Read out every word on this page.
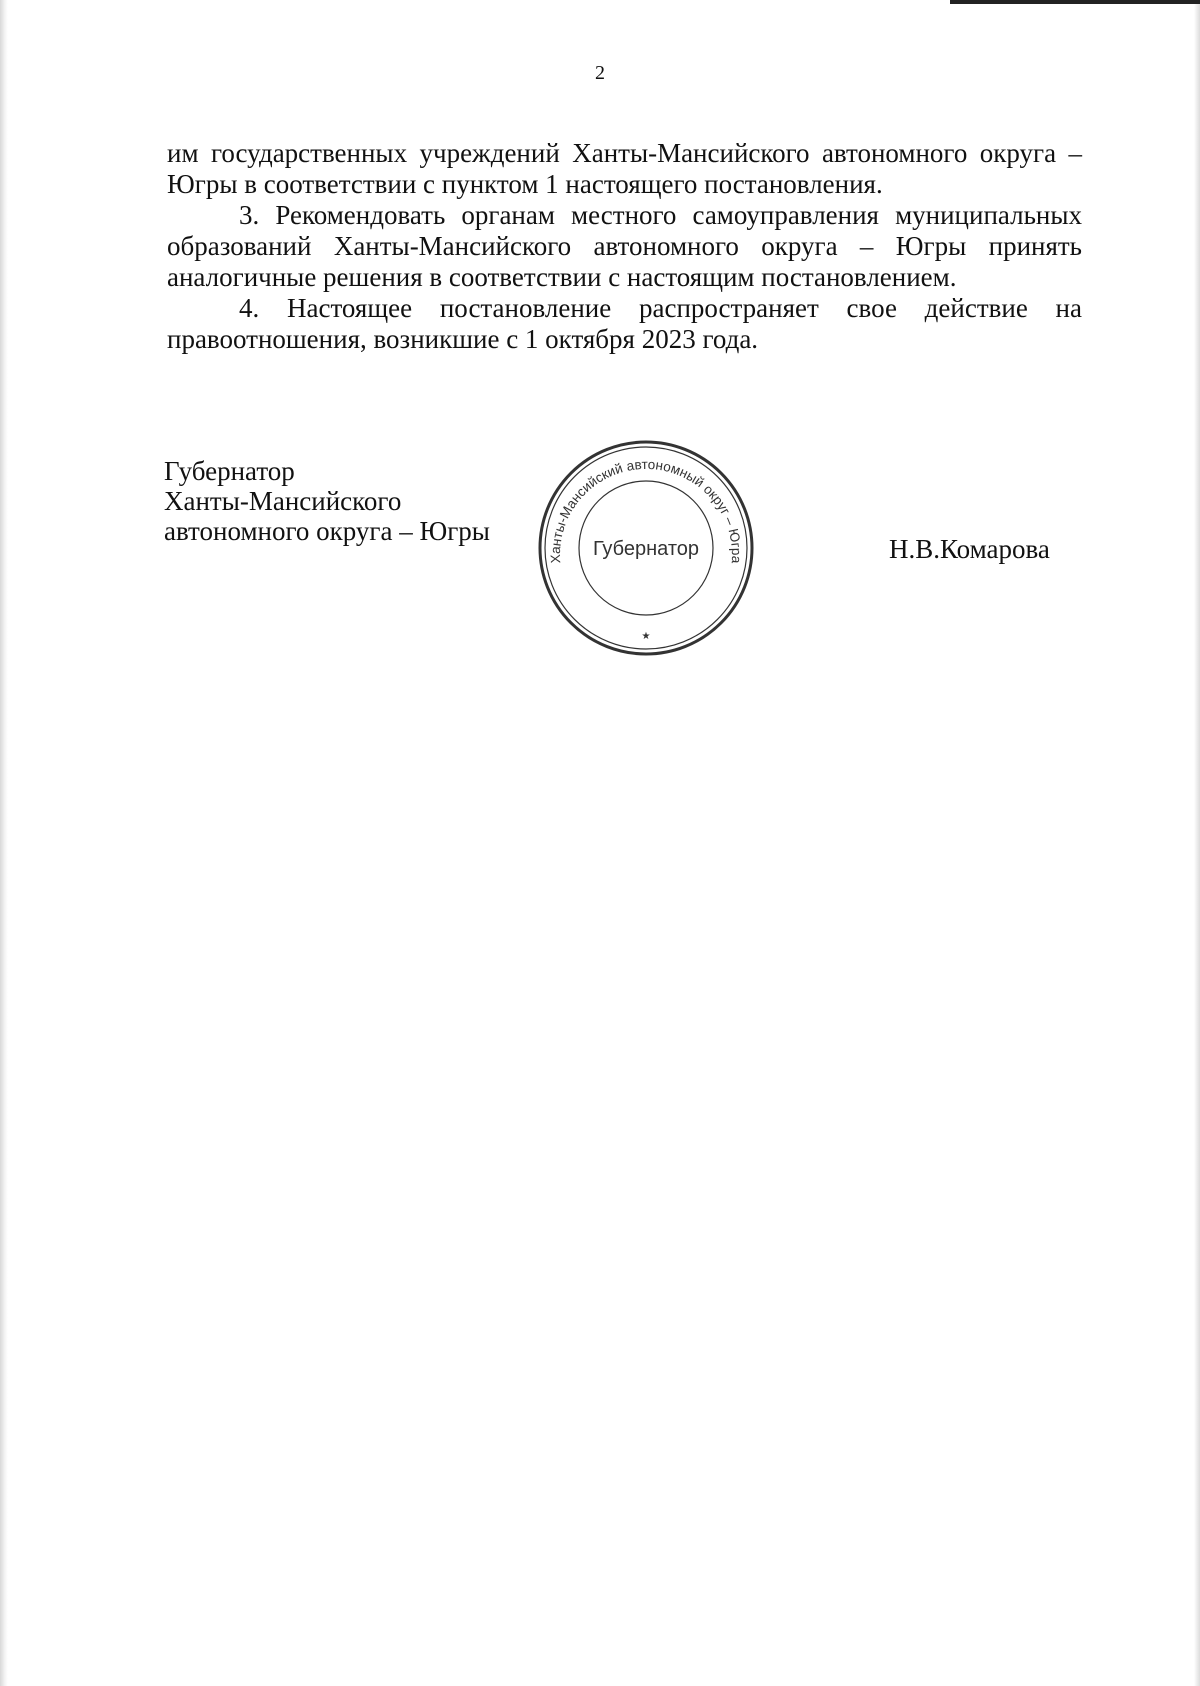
2

им государственных учреждений Ханты-Мансийского автономного округа – Югры в соответствии с пунктом 1 настоящего постановления.

3. Рекомендовать органам местного самоуправления муниципальных образований Ханты-Мансийского автономного округа – Югры принять аналогичные решения в соответствии с настоящим постановлением.

4. Настоящее постановление распространяет свое действие на правоотношения, возникшие с 1 октября 2023 года.

Губернатор
Ханты-Мансийского
автономного округа – Югры
Ханты-Мансийский автономный округ – Югра
Губернатор
★
Н.В.Комарова
